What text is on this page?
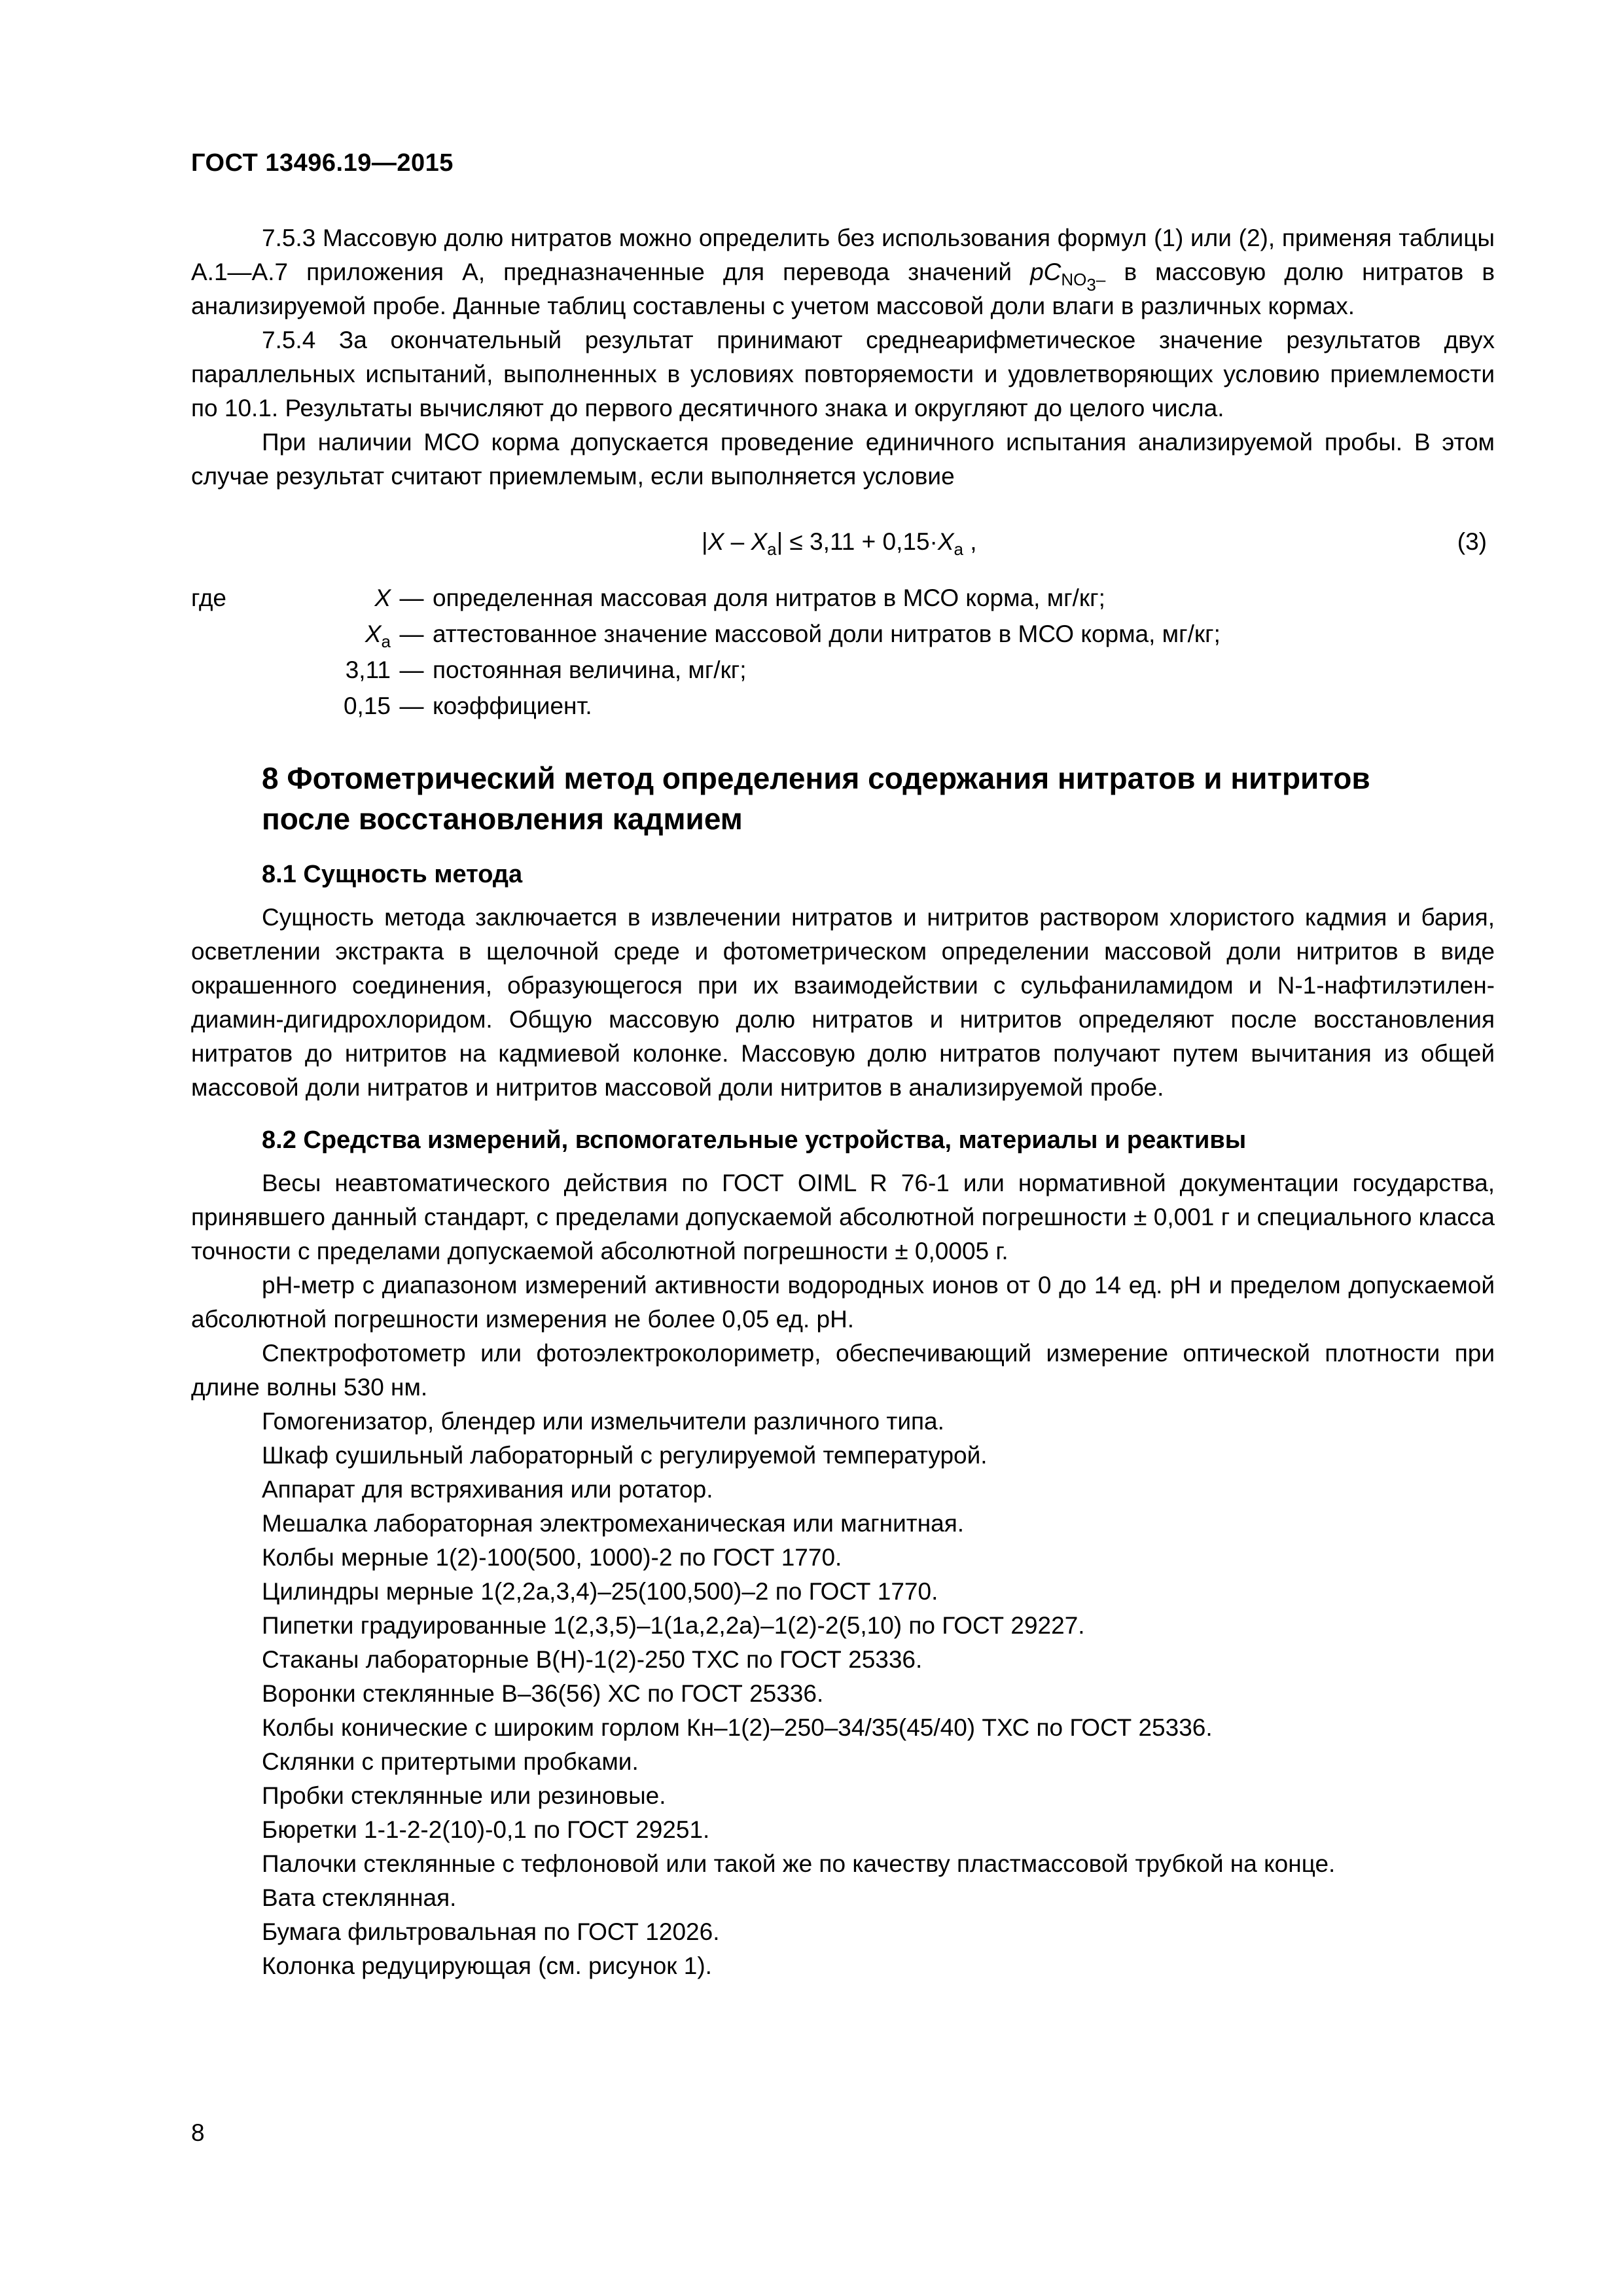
ГОСТ 13496.19—2015

7.5.3 Массовую долю нитратов можно определить без использования формул (1) или (2), применяя таблицы А.1—А.7 приложения А, предназначенные для перевода значений $pC_{NO_3-}$ в массовую долю нитратов в анализируемой пробе. Данные таблиц составлены с учетом массовой доли влаги в различных кормах.

7.5.4 За окончательный результат принимают среднеарифметическое значение результатов двух параллельных испытаний, выполненных в условиях повторяемости и удовлетворяющих условию приемлемости по 10.1. Результаты вычисляют до первого десятичного знака и округляют до целого числа.

При наличии МСО корма допускается проведение единичного испытания анализируемой пробы. В этом случае результат считают приемлемым, если выполняется условие

$|X - X_а| \le 3,11 + 0,15\cdot X_а$ ,	(3)
где	X — определенная массовая доля нитратов в МСО корма, мг/кг;
$X_а$ — аттестованное значение массовой доли нитратов в МСО корма, мг/кг;
3,11 — постоянная величина, мг/кг;
0,15 — коэффициент.
8 Фотометрический метод определения содержания нитратов и нитритов
после восстановления кадмием
8.1 Сущность метода

Сущность метода заключается в извлечении нитратов и нитритов раствором хлористого кадмия и бария, осветлении экстракта в щелочной среде и фотометрическом определении массовой доли нитритов в виде окрашенного соединения, образующегося при их взаимодействии с сульфаниламидом и N-1-нафтилэтилен-диамин-дигидрохлоридом. Общую массовую долю нитратов и нитритов определяют после восстановления нитратов до нитритов на кадмиевой колонке. Массовую долю нитратов получают путем вычитания из общей массовой доли нитратов и нитритов массовой доли нитритов в анализируемой пробе.

8.2 Средства измерений, вспомогательные устройства, материалы и реактивы

Весы неавтоматического действия по ГОСТ OIML R 76-1 или нормативной документации государства, принявшего данный стандарт, с пределами допускаемой абсолютной погрешности ± 0,001 г и специального класса точности с пределами допускаемой абсолютной погрешности ± 0,0005 г.

рН-метр с диапазоном измерений активности водородных ионов от 0 до 14 ед. рН и пределом допускаемой абсолютной погрешности измерения не более 0,05 ед. рН.

Спектрофотометр или фотоэлектроколориметр, обеспечивающий измерение оптической плотности при длине волны 530 нм.

Гомогенизатор, блендер или измельчители различного типа.

Шкаф сушильный лабораторный с регулируемой температурой.

Аппарат для встряхивания или ротатор.

Мешалка лабораторная электромеханическая или магнитная.

Колбы мерные 1(2)-100(500, 1000)-2 по ГОСТ 1770.

Цилиндры мерные 1(2,2а,3,4)–25(100,500)–2 по ГОСТ 1770.

Пипетки градуированные 1(2,3,5)–1(1а,2,2а)–1(2)-2(5,10) по ГОСТ 29227.

Стаканы лабораторные В(Н)-1(2)-250 ТХС по ГОСТ 25336.

Воронки стеклянные В–36(56) ХС по ГОСТ 25336.

Колбы конические с широким горлом Кн–1(2)–250–34/35(45/40) ТХС по ГОСТ 25336.

Склянки с притертыми пробками.

Пробки стеклянные или резиновые.

Бюретки 1-1-2-2(10)-0,1 по ГОСТ 29251.

Палочки стеклянные с тефлоновой или такой же по качеству пластмассовой трубкой на конце.

Вата стеклянная.

Бумага фильтровальная по ГОСТ 12026.

Колонка редуцирующая (см. рисунок 1).

8
